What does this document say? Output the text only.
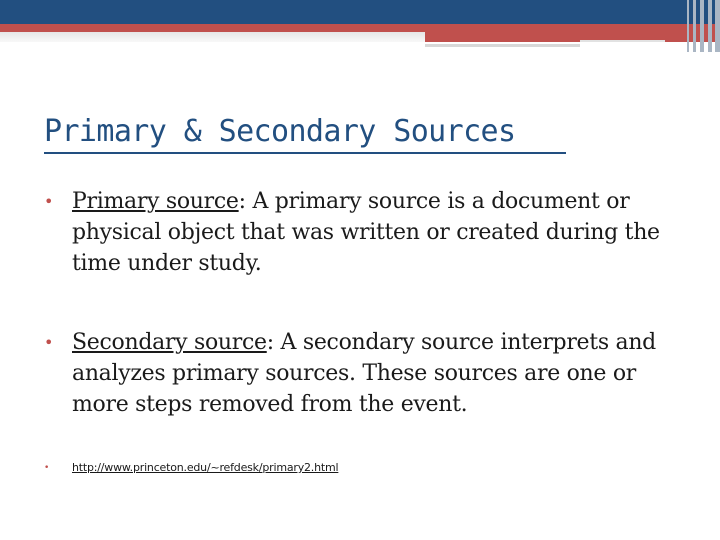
Primary & Secondary Sources

• Primary source: A primary source is a document or physical object that was written or created during the time under study.

• Secondary source: A secondary source interprets and analyzes primary sources. These sources are one or more steps removed from the event.

• http://www.princeton.edu/~refdesk/primary2.html
